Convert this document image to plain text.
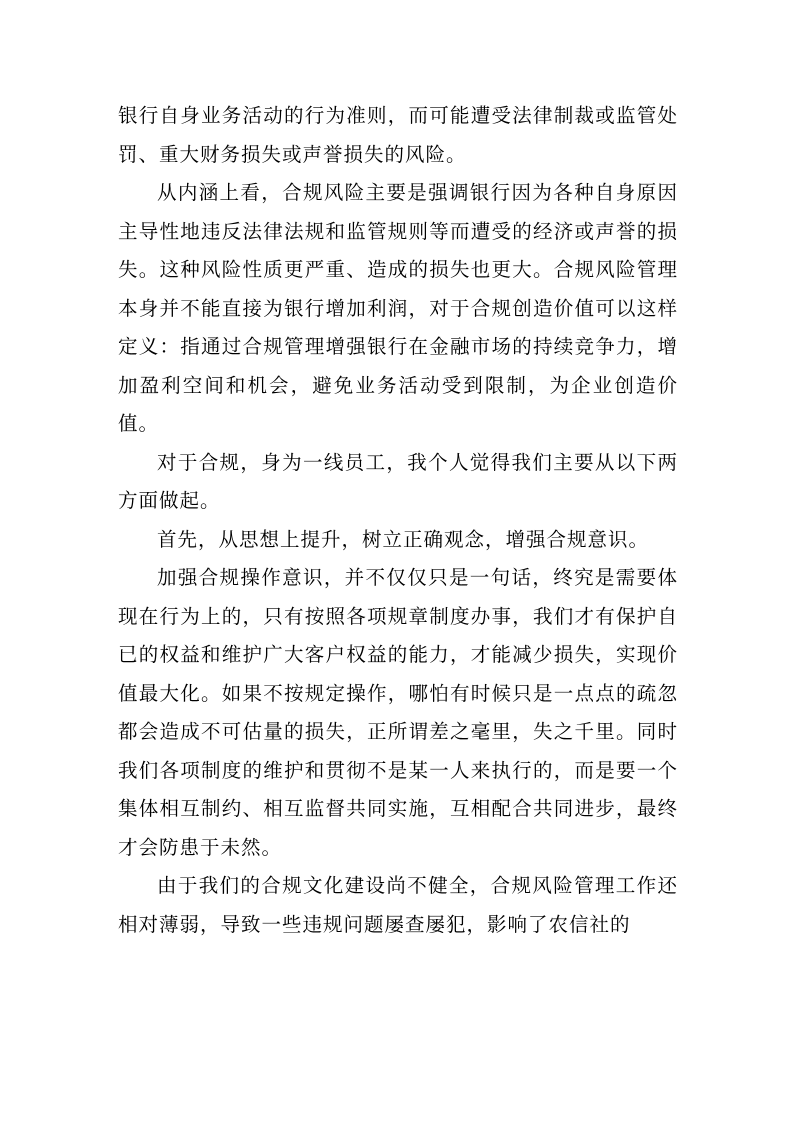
银行自身业务活动的行为准则，而可能遭受法律制裁或监管处罚、重大财务损失或声誉损失的风险。

从内涵上看，合规风险主要是强调银行因为各种自身原因主导性地违反法律法规和监管规则等而遭受的经济或声誉的损失。这种风险性质更严重、造成的损失也更大。合规风险管理本身并不能直接为银行增加利润，对于合规创造价值可以这样定义：指通过合规管理增强银行在金融市场的持续竞争力，增加盈利空间和机会，避免业务活动受到限制，为企业创造价值。

对于合规，身为一线员工，我个人觉得我们主要从以下两方面做起。

首先，从思想上提升，树立正确观念，增强合规意识。

加强合规操作意识，并不仅仅只是一句话，终究是需要体现在行为上的，只有按照各项规章制度办事，我们才有保护自已的权益和维护广大客户权益的能力，才能减少损失，实现价值最大化。如果不按规定操作，哪怕有时候只是一点点的疏忽都会造成不可估量的损失，正所谓差之毫里，失之千里。同时我们各项制度的维护和贯彻不是某一人来执行的，而是要一个集体相互制约、相互监督共同实施，互相配合共同进步，最终才会防患于未然。

由于我们的合规文化建设尚不健全，合规风险管理工作还相对薄弱，导致一些违规问题屡查屡犯，影响了农信社的
